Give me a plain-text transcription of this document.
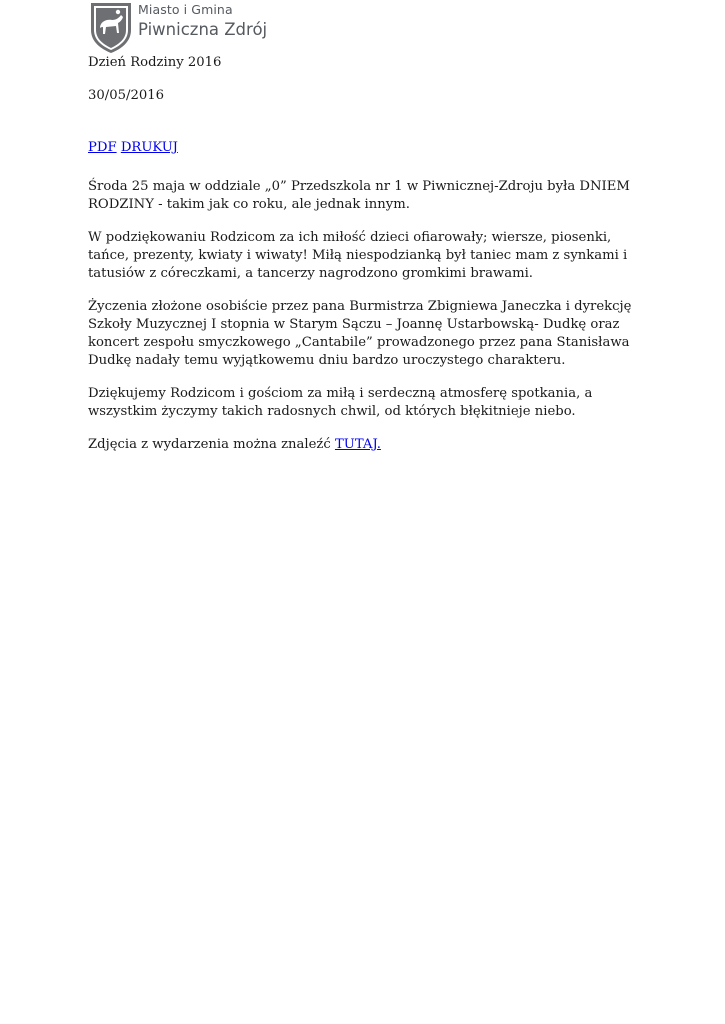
Miasto i Gmina
Piwniczna Zdrój

Dzień Rodziny 2016

30/05/2016

PDF DRUKUJ

Środa 25 maja w oddziale „0” Przedszkola nr 1 w Piwnicznej-Zdroju była DNIEM RODZINY - takim jak co roku, ale jednak innym.

W podziękowaniu Rodzicom za ich miłość dzieci ofiarowały; wiersze, piosenki, tańce, prezenty, kwiaty i wiwaty! Miłą niespodzianką był taniec mam z synkami i tatusiów z córeczkami, a tancerzy nagrodzono gromkimi brawami.

Życzenia złożone osobiście przez pana Burmistrza Zbigniewa Janeczka i dyrekcję Szkoły Muzycznej I stopnia w Starym Sączu – Joannę Ustarbowską- Dudkę oraz koncert zespołu smyczkowego „Cantabile” prowadzonego przez pana Stanisława Dudkę nadały temu wyjątkowemu dniu bardzo uroczystego charakteru.

Dziękujemy Rodzicom i gościom za miłą i serdeczną atmosferę spotkania, a wszystkim życzymy takich radosnych chwil, od których błękitnieje niebo.

Zdjęcia z wydarzenia można znaleźć TUTAJ.
